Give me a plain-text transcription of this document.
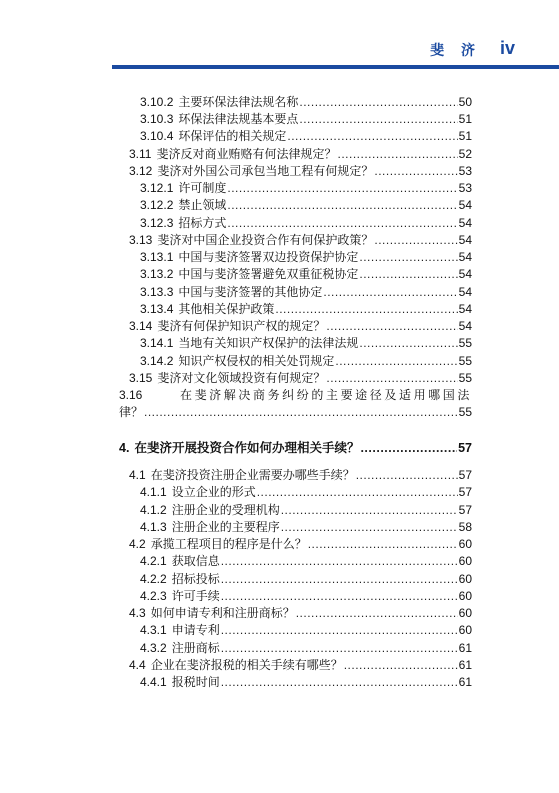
斐 济 iv
3.10.2 主要环保法律法规名称 .....	50
3.10.3 环保法律法规基本要点 .....	51
3.10.4 环保评估的相关规定 .....	51
3.11 斐济反对商业贿赂有何法律规定？ .....	52
3.12 斐济对外国公司承包当地工程有何规定？ .....	53
3.12.1 许可制度 .....	53
3.12.2 禁止领域 .....	54
3.12.3 招标方式 .....	54
3.13 斐济对中国企业投资合作有何保护政策？ .....	54
3.13.1 中国与斐济签署双边投资保护协定 .....	54
3.13.2 中国与斐济签署避免双重征税协定 .....	54
3.13.3 中国与斐济签署的其他协定 .....	54
3.13.4 其他相关保护政策 .....	54
3.14 斐济有何保护知识产权的规定？ .....	54
3.14.1 当地有关知识产权保护的法律法规 .....	55
3.14.2 知识产权侵权的相关处罚规定 .....	55
3.15 斐济对文化领域投资有何规定？ .....	55
3.16	在斐济解决商务纠纷的主要途径及适用哪国法
律？ .....	55
4. 在斐济开展投资合作如何办理相关手续？ .....	57
4.1 在斐济投资注册企业需要办哪些手续？ .....	57
4.1.1 设立企业的形式 .....	57
4.1.2 注册企业的受理机构 .....	57
4.1.3 注册企业的主要程序 .....	58
4.2 承揽工程项目的程序是什么？ .....	60
4.2.1 获取信息 .....	60
4.2.2 招标投标 .....	60
4.2.3 许可手续 .....	60
4.3 如何申请专利和注册商标？ .....	60
4.3.1 申请专利 .....	60
4.3.2 注册商标 .....	61
4.4 企业在斐济报税的相关手续有哪些？ .....	61
4.4.1 报税时间 .....	61
